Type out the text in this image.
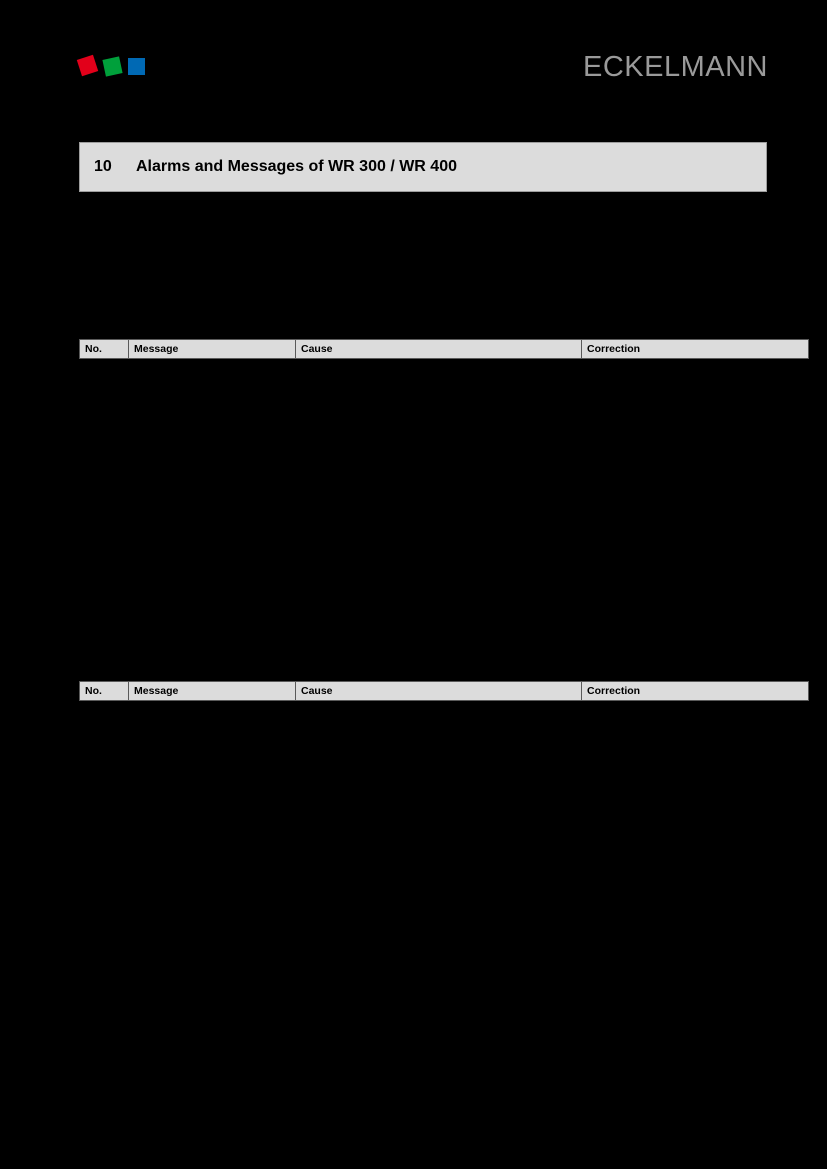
ECKELMANN
10	Alarms and Messages of WR 300 / WR 400
No.	Message	Cause	Correction
No.	Message	Cause	Correction
